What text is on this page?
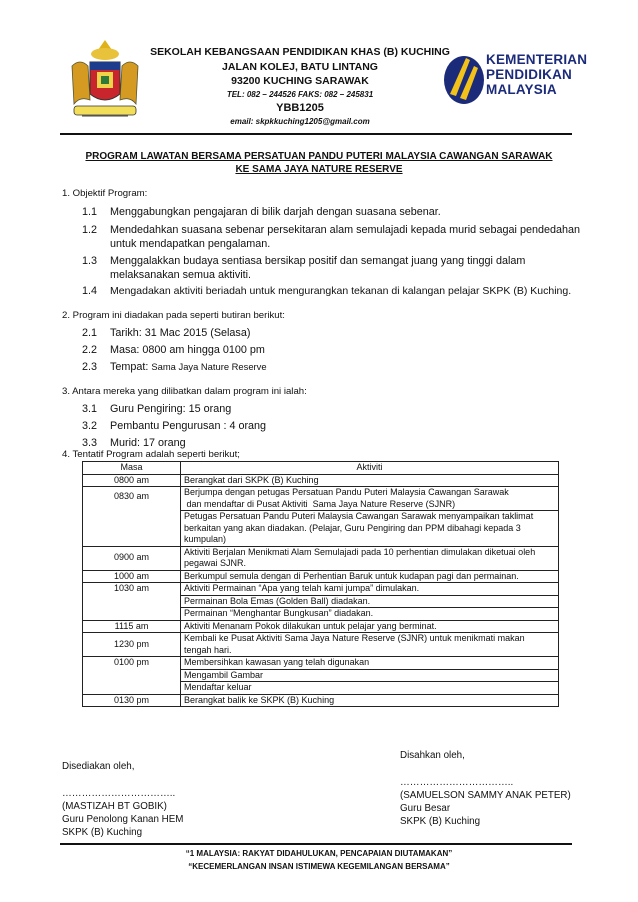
SEKOLAH KEBANGSAAN PENDIDIKAN KHAS (B) KUCHING
JALAN KOLEJ, BATU LINTANG
93200 KUCHING SARAWAK
TEL: 082 – 244526 FAKS: 082 – 245831
YBB1205
email: skpkkuching1205@gmail.com
KEMENTERIAN
PENDIDIKAN
MALAYSIA
PROGRAM LAWATAN BERSAMA PERSATUAN PANDU PUTERI MALAYSIA CAWANGAN SARAWAK
KE SAMA JAYA NATURE RESERVE
1. Objektif Program:
1.1 Menggabungkan pengajaran di bilik darjah dengan suasana sebenar.
1.2 Mendedahkan suasana sebenar persekitaran alam semulajadi kepada murid sebagai pendedahan
untuk mendapatkan pengalaman.
1.3 Menggalakkan budaya sentiasa bersikap positif dan semangat juang yang tinggi dalam
melaksanakan semua aktiviti.
1.4 Mengadakan aktiviti beriadah untuk mengurangkan tekanan di kalangan pelajar SKPK (B) Kuching.
2. Program ini diadakan pada seperti butiran berikut:
2.1 Tarikh: 31 Mac 2015 (Selasa)
2.2 Masa: 0800 am hingga 0100 pm
2.3 Tempat: Sama Jaya Nature Reserve
3. Antara mereka yang dilibatkan dalam program ini ialah:
3.1 Guru Pengiring: 15 orang
3.2 Pembantu Pengurusan : 4 orang
3.3 Murid: 17 orang
4. Tentatif Program adalah seperti berikut;
Masa	Aktiviti
0800 am	Berangkat dari SKPK (B) Kuching

0830 am	Berjumpa dengan petugas Persatuan Pandu Puteri Malaysia Cawangan Sarawak
dan mendaftar di Pusat Aktiviti  Sama Jaya Nature Reserve (SJNR)

	Petugas Persatuan Pandu Puteri Malaysia Cawangan Sarawak menyampaikan taklimat
berkaitan yang akan diadakan. (Pelajar, Guru Pengiring dan PPM dibahagi kepada 3
kumpulan)

0900 am	Aktiviti Berjalan Menikmati Alam Semulajadi pada 10 perhentian dimulakan diketuai oleh
pegawai SJNR.

1000 am	Berkumpul semula dengan di Perhentian Baruk untuk kudapan pagi dan permainan.

1030 am	Aktiviti Permainan “Apa yang telah kami jumpa” dimulakan.

	Permainan Bola Emas (Golden Ball) diadakan.

	Permainan “Menghantar Bungkusan” diadakan.

1115 am	Aktiviti Menanam Pokok dilakukan untuk pelajar yang berminat.

1230 pm	Kembali ke Pusat Aktiviti Sama Jaya Nature Reserve (SJNR) untuk menikmati makan
tengah hari.

0100 pm	Membersihkan kawasan yang telah digunakan

	Mengambil Gambar

	Mendaftar keluar

0130 pm	Berangkat balik ke SKPK (B) Kuching
Disediakan oleh,
……………………………..
(MASTIZAH BT GOBIK)
Guru Penolong Kanan HEM
SKPK (B) Kuching
Disahkan oleh,
……………………………..
(SAMUELSON SAMMY ANAK PETER)
Guru Besar
SKPK (B) Kuching
“1 MALAYSIA: RAKYAT DIDAHULUKAN, PENCAPAIAN DIUTAMAKAN”
“KECEMERLANGAN INSAN ISTIMEWA KEGEMILANGAN BERSAMA”
